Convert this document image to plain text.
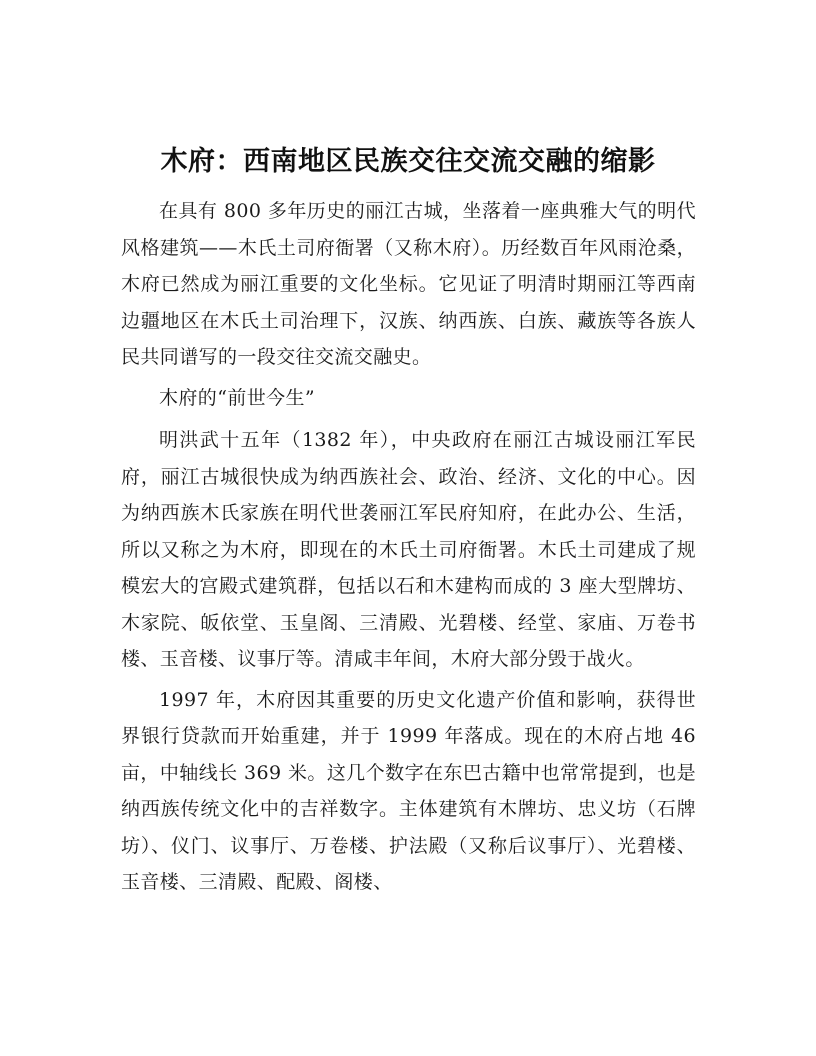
木府：西南地区民族交往交流交融的缩影

在具有 800 多年历史的丽江古城，坐落着一座典雅大气的明代风格建筑——木氏土司府衙署（又称木府）。历经数百年风雨沧桑，木府已然成为丽江重要的文化坐标。它见证了明清时期丽江等西南边疆地区在木氏土司治理下，汉族、纳西族、白族、藏族等各族人民共同谱写的一段交往交流交融史。

木府的“前世今生”

明洪武十五年（1382 年），中央政府在丽江古城设丽江军民府，丽江古城很快成为纳西族社会、政治、经济、文化的中心。因为纳西族木氏家族在明代世袭丽江军民府知府，在此办公、生活，所以又称之为木府，即现在的木氏土司府衙署。木氏土司建成了规模宏大的宫殿式建筑群，包括以石和木建构而成的 3 座大型牌坊、木家院、皈依堂、玉皇阁、三清殿、光碧楼、经堂、家庙、万卷书楼、玉音楼、议事厅等。清咸丰年间，木府大部分毁于战火。

1997 年，木府因其重要的历史文化遗产价值和影响，获得世界银行贷款而开始重建，并于 1999 年落成。现在的木府占地 46 亩，中轴线长 369 米。这几个数字在东巴古籍中也常常提到，也是纳西族传统文化中的吉祥数字。主体建筑有木牌坊、忠义坊（石牌坊）、仪门、议事厅、万卷楼、护法殿（又称后议事厅）、光碧楼、玉音楼、三清殿、配殿、阁楼、
